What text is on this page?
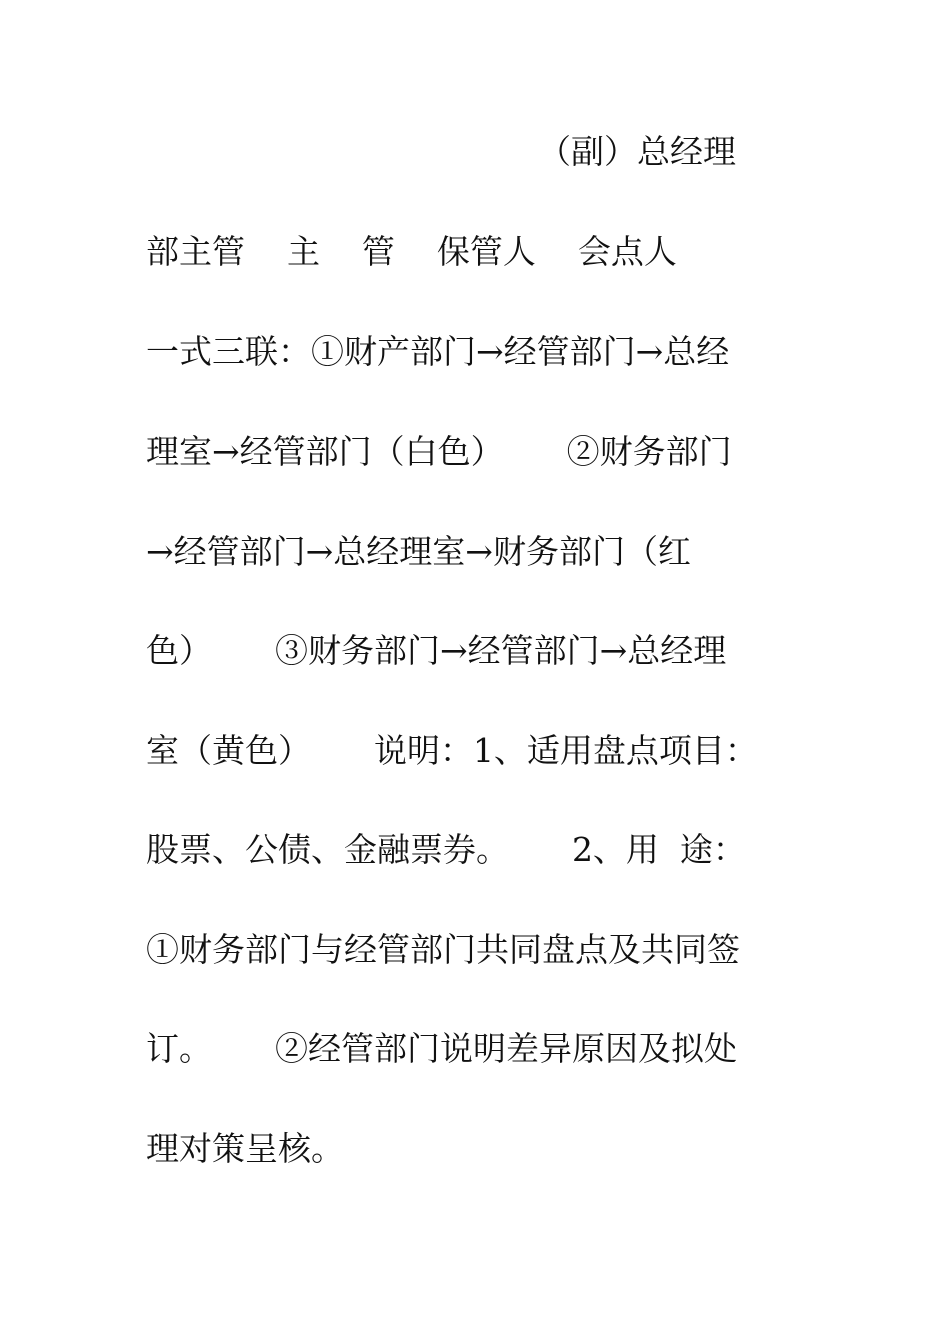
（副）总经理
部主管    主    管    保管人    会点人
一式三联：①财产部门→经管部门→总经
理室→经管部门（白色）      ②财务部门
→经管部门→总经理室→财务部门（红
色）      ③财务部门→经管部门→总经理
室（黄色）      说明：1、适用盘点项目：
股票、公债、金融票券。      2、用  途：
①财务部门与经管部门共同盘点及共同签
订。      ②经管部门说明差异原因及拟处
理对策呈核。
